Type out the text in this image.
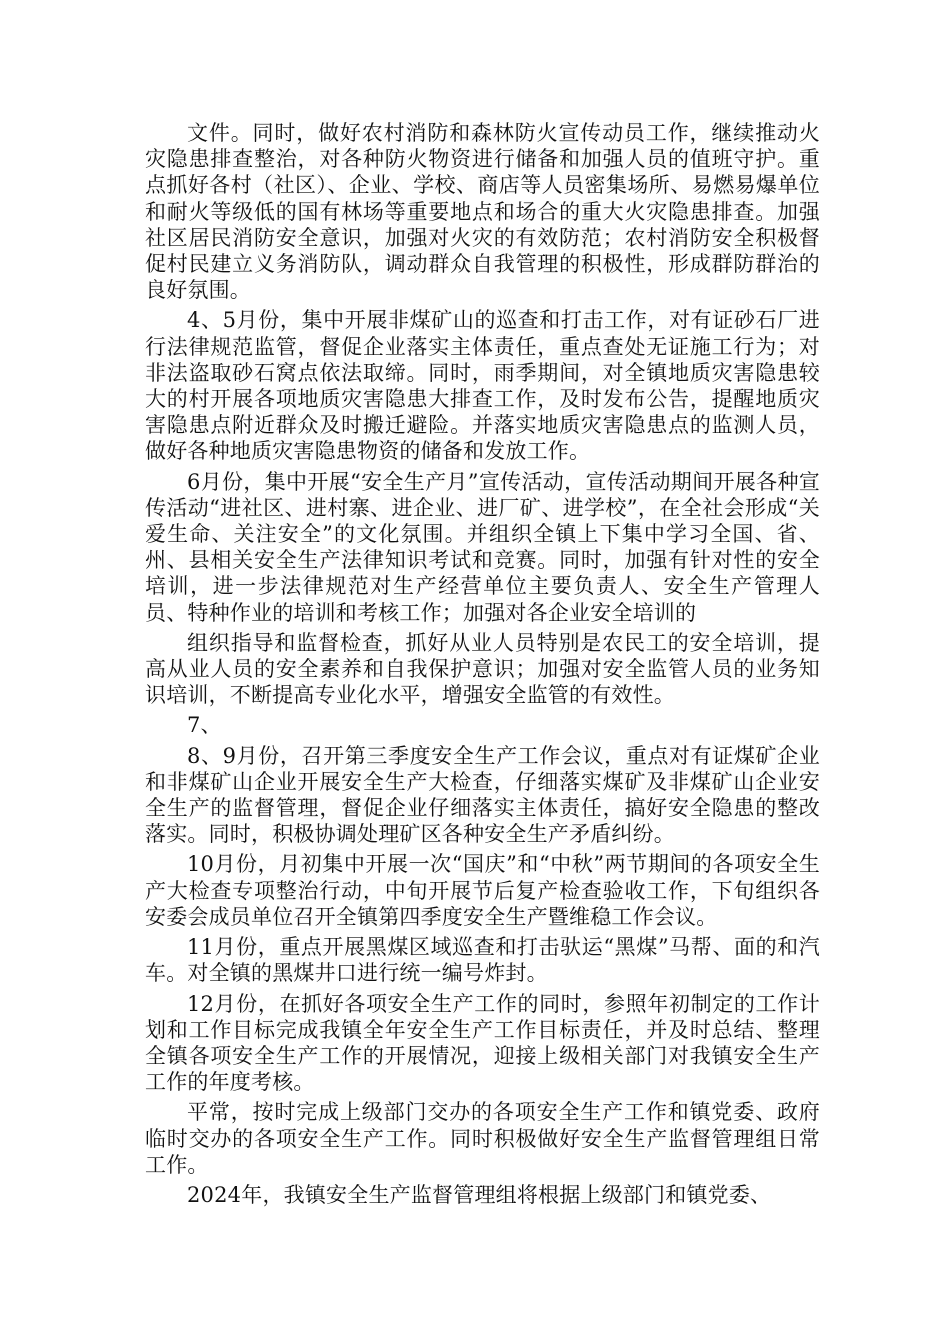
文件。同时，做好农村消防和森林防火宣传动员工作，继续推动火灾隐患排查整治，对各种防火物资进行储备和加强人员的值班守护。重点抓好各村（社区）、企业、学校、商店等人员密集场所、易燃易爆单位和耐火等级低的国有林场等重要地点和场合的重大火灾隐患排查。加强社区居民消防安全意识，加强对火灾的有效防范；农村消防安全积极督促村民建立义务消防队，调动群众自我管理的积极性，形成群防群治的良好氛围。

4、5月份，集中开展非煤矿山的巡查和打击工作，对有证砂石厂进行法律规范监管，督促企业落实主体责任，重点查处无证施工行为；对非法盗取砂石窝点依法取缔。同时，雨季期间，对全镇地质灾害隐患较大的村开展各项地质灾害隐患大排查工作，及时发布公告，提醒地质灾害隐患点附近群众及时搬迁避险。并落实地质灾害隐患点的监测人员，做好各种地质灾害隐患物资的储备和发放工作。

6月份，集中开展“安全生产月”宣传活动，宣传活动期间开展各种宣传活动“进社区、进村寨、进企业、进厂矿、进学校”，在全社会形成“关爱生命、关注安全”的文化氛围。并组织全镇上下集中学习全国、省、州、县相关安全生产法律知识考试和竞赛。同时，加强有针对性的安全培训，进一步法律规范对生产经营单位主要负责人、安全生产管理人员、特种作业的培训和考核工作；加强对各企业安全培训的

组织指导和监督检查，抓好从业人员特别是农民工的安全培训，提高从业人员的安全素养和自我保护意识；加强对安全监管人员的业务知识培训，不断提高专业化水平，增强安全监管的有效性。

7、

8、9月份，召开第三季度安全生产工作会议，重点对有证煤矿企业和非煤矿山企业开展安全生产大检查，仔细落实煤矿及非煤矿山企业安全生产的监督管理，督促企业仔细落实主体责任，搞好安全隐患的整改落实。同时，积极协调处理矿区各种安全生产矛盾纠纷。

10月份，月初集中开展一次“国庆”和“中秋”两节期间的各项安全生产大检查专项整治行动，中旬开展节后复产检查验收工作，下旬组织各安委会成员单位召开全镇第四季度安全生产暨维稳工作会议。

11月份，重点开展黑煤区域巡查和打击驮运“黑煤”马帮、面的和汽车。对全镇的黑煤井口进行统一编号炸封。

12月份，在抓好各项安全生产工作的同时，参照年初制定的工作计划和工作目标完成我镇全年安全生产工作目标责任，并及时总结、整理全镇各项安全生产工作的开展情况，迎接上级相关部门对我镇安全生产工作的年度考核。

平常，按时完成上级部门交办的各项安全生产工作和镇党委、政府临时交办的各项安全生产工作。同时积极做好安全生产监督管理组日常工作。

2024年，我镇安全生产监督管理组将根据上级部门和镇党委、
